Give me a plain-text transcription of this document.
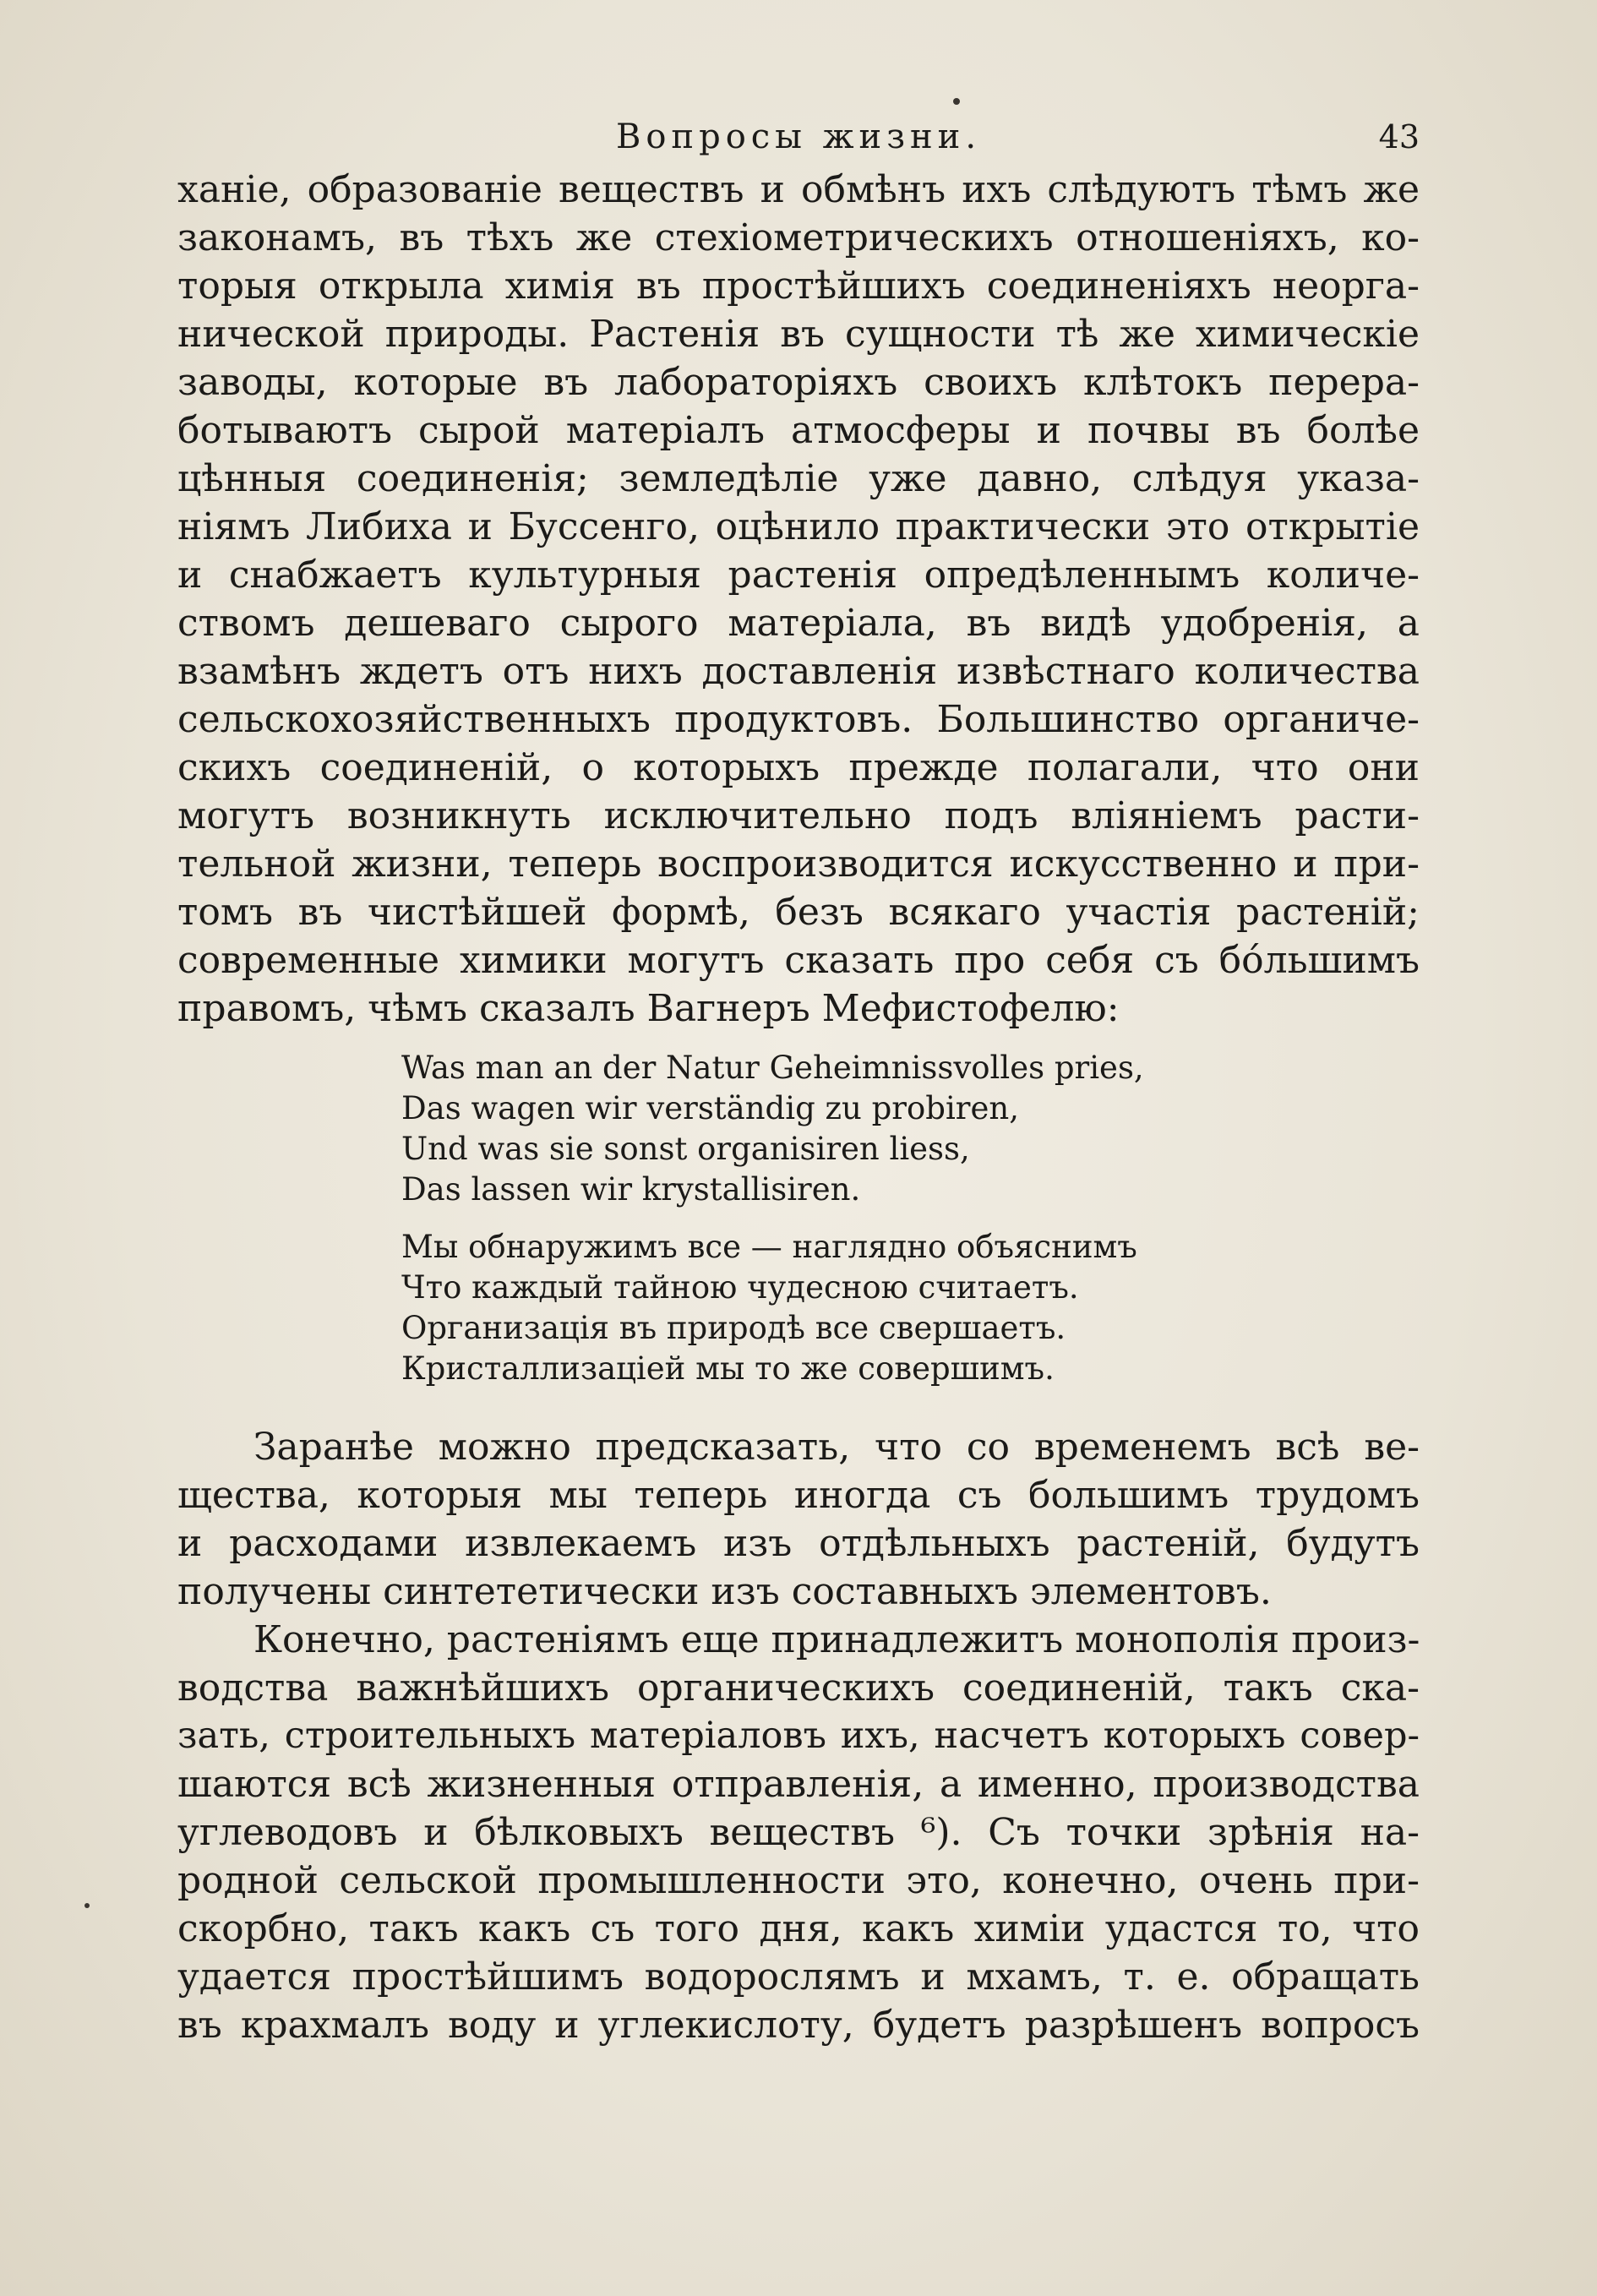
Вопросы жизни.	43
ханіе, образованіе веществъ и обмѣнъ ихъ слѣдуютъ тѣмъ же
законамъ, въ тѣхъ же стехіометрическихъ отношеніяхъ, ко-
торыя открыла химія въ простѣйшихъ соединеніяхъ неорга-
нической природы. Растенія въ сущности тѣ же химическіе
заводы, которые въ лабораторіяхъ своихъ клѣтокъ перера-
ботываютъ сырой матеріалъ атмосферы и почвы въ болѣе
цѣнныя соединенія; земледѣліе уже давно, слѣдуя указа-
ніямъ Либиха и Буссенго, оцѣнило практически это открытіе
и снабжаетъ культурныя растенія опредѣленнымъ количе-
ствомъ дешеваго сырого матеріала, въ видѣ удобренія, а
взамѣнъ ждетъ отъ нихъ доставленія извѣстнаго количества
сельскохозяйственныхъ продуктовъ. Большинство органиче-
скихъ соединеній, о которыхъ прежде полагали, что они
могутъ возникнуть исключительно подъ вліяніемъ расти-
тельной жизни, теперь воспроизводится искусственно и при-
томъ въ чистѣйшей формѣ, безъ всякаго участія растеній;
современные химики могутъ сказать про себя съ бо́льшимъ
правомъ, чѣмъ сказалъ Вагнеръ Мефистофелю:
Was man an der Natur Geheimnissvolles pries,
Das wagen wir verständig zu probiren,
Und was sie sonst organisiren liess,
Das lassen wir krystallisiren.
Мы обнаружимъ все — наглядно объяснимъ
Что каждый тайною чудесною считаетъ.
Организація въ природѣ все свершаетъ.
Кристаллизаціей мы то же совершимъ.
Заранѣе можно предсказать, что со временемъ всѣ ве-
щества, которыя мы теперь иногда съ большимъ трудомъ
и расходами извлекаемъ изъ отдѣльныхъ растеній, будутъ
получены синтететически изъ составныхъ элементовъ.
Конечно, растеніямъ еще принадлежитъ монополія произ-
водства важнѣйшихъ органическихъ соединеній, такъ ска-
зать, строительныхъ матеріаловъ ихъ, насчетъ которыхъ совер-
шаются всѣ жизненныя отправленія, а именно, производства
углеводовъ и бѣлковыхъ веществъ ⁶). Съ точки зрѣнія на-
родной сельской промышленности это, конечно, очень при-
скорбно, такъ какъ съ того дня, какъ химіи удастся то, что
удается простѣйшимъ водорослямъ и мхамъ, т. е. обращать
въ крахмалъ воду и углекислоту, будетъ разрѣшенъ вопросъ
